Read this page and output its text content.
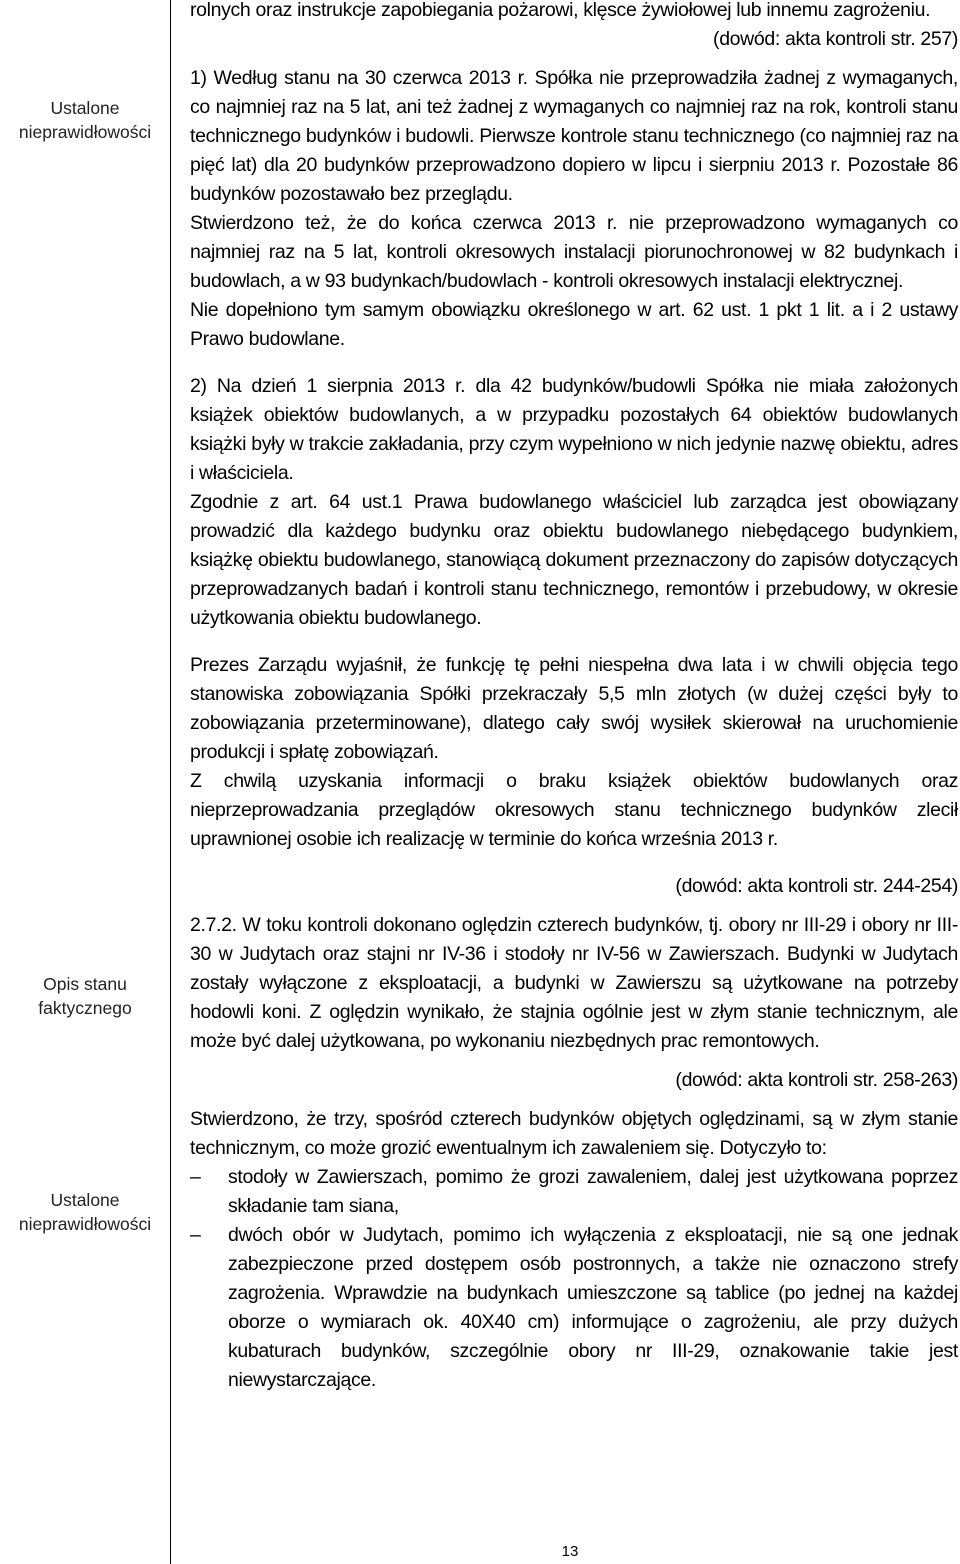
Ustalone
nieprawidłowości
Opis stanu
faktycznego
Ustalone
nieprawidłowości

rolnych oraz instrukcje zapobiegania pożarowi, klęsce żywiołowej lub innemu zagrożeniu.

(dowód: akta kontroli str. 257)

1) Według stanu na 30 czerwca 2013 r. Spółka nie przeprowadziła żadnej z wymaganych, co najmniej raz na 5 lat, ani też żadnej z wymaganych co najmniej raz na rok, kontroli stanu technicznego budynków i budowli. Pierwsze kontrole stanu technicznego (co najmniej raz na pięć lat) dla 20 budynków przeprowadzono dopiero w lipcu i sierpniu 2013 r. Pozostałe 86 budynków pozostawało bez przeglądu.

Stwierdzono też, że do końca czerwca 2013 r. nie przeprowadzono wymaganych co najmniej raz na 5 lat, kontroli okresowych instalacji piorunochronowej w 82 budynkach i budowlach, a w 93 budynkach/budowlach - kontroli okresowych instalacji elektrycznej.

Nie dopełniono tym samym obowiązku określonego w art. 62 ust. 1 pkt 1 lit. a i 2 ustawy Prawo budowlane.

2) Na dzień 1 sierpnia 2013 r. dla 42 budynków/budowli Spółka nie miała założonych książek obiektów budowlanych, a w przypadku pozostałych 64 obiektów budowlanych książki były w trakcie zakładania, przy czym wypełniono w nich jedynie nazwę obiektu, adres i właściciela.

Zgodnie z art. 64 ust.1 Prawa budowlanego właściciel lub zarządca jest obowiązany prowadzić dla każdego budynku oraz obiektu budowlanego niebędącego budynkiem, książkę obiektu budowlanego, stanowiącą dokument przeznaczony do zapisów dotyczących przeprowadzanych badań i kontroli stanu technicznego, remontów i przebudowy, w okresie użytkowania obiektu budowlanego.

Prezes Zarządu wyjaśnił, że funkcję tę pełni niespełna dwa lata i w chwili objęcia tego stanowiska zobowiązania Spółki przekraczały 5,5 mln złotych (w dużej części były to zobowiązania przeterminowane), dlatego cały swój wysiłek skierował na uruchomienie produkcji i spłatę zobowiązań.

Z chwilą uzyskania informacji o braku książek obiektów budowlanych oraz nieprzeprowadzania przeglądów okresowych stanu technicznego budynków zlecił uprawnionej osobie ich realizację w terminie do końca września 2013 r.

(dowód: akta kontroli str. 244-254)

2.7.2. W toku kontroli dokonano oględzin czterech budynków, tj. obory nr III-29 i obory nr III-30 w Judytach oraz stajni nr IV-36 i stodoły nr IV-56 w Zawierszach. Budynki w Judytach zostały wyłączone z eksploatacji, a budynki w Zawierszu są użytkowane na potrzeby hodowli koni. Z oględzin wynikało, że stajnia ogólnie jest w złym stanie technicznym, ale może być dalej użytkowana, po wykonaniu niezbędnych prac remontowych.

(dowód: akta kontroli str. 258-263)

Stwierdzono, że trzy, spośród czterech budynków objętych oględzinami, są w złym stanie technicznym, co może grozić ewentualnym ich zawaleniem się. Dotyczyło to:

– stodoły w Zawierszach, pomimo że grozi zawaleniem, dalej jest użytkowana poprzez składanie tam siana,
– dwóch obór w Judytach, pomimo ich wyłączenia z eksploatacji, nie są one jednak zabezpieczone przed dostępem osób postronnych, a także nie oznaczono strefy zagrożenia. Wprawdzie na budynkach umieszczone są tablice (po jednej na każdej oborze o wymiarach ok. 40X40 cm) informujące o zagrożeniu, ale przy dużych kubaturach budynków, szczególnie obory nr III-29, oznakowanie takie jest niewystarczające.
13
